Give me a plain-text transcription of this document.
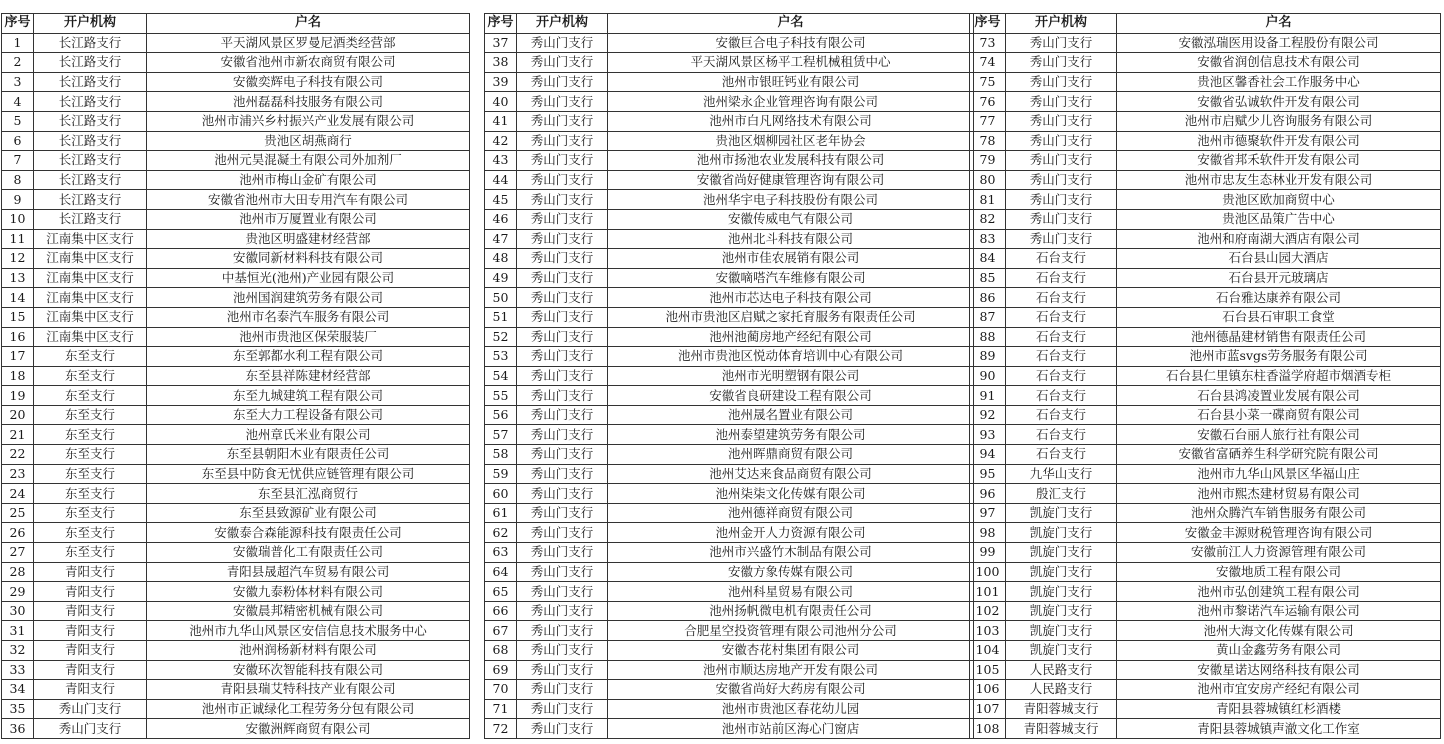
序号	开户机构	户名
1	长江路支行	平天湖风景区罗曼尼酒类经营部
2	长江路支行	安徽省池州市新农商贸有限公司
3	长江路支行	安徽奕辉电子科技有限公司
4	长江路支行	池州磊磊科技服务有限公司
5	长江路支行	池州市浦兴乡村振兴产业发展有限公司
6	长江路支行	贵池区胡燕商行
7	长江路支行	池州元昊混凝土有限公司外加剂厂
8	长江路支行	池州市梅山金矿有限公司
9	长江路支行	安徽省池州市大田专用汽车有限公司
10	长江路支行	池州市万厦置业有限公司
11	江南集中区支行	贵池区明盛建材经营部
12	江南集中区支行	安徽同新材料科技有限公司
13	江南集中区支行	中基恒光(池州)产业园有限公司
14	江南集中区支行	池州国润建筑劳务有限公司
15	江南集中区支行	池州市名泰汽车服务有限公司
16	江南集中区支行	池州市贵池区保荣服装厂
17	东至支行	东至郭都水利工程有限公司
18	东至支行	东至县祥陈建材经营部
19	东至支行	东至九城建筑工程有限公司
20	东至支行	东至大力工程设备有限公司
21	东至支行	池州章氏米业有限公司
22	东至支行	东至县朝阳木业有限责任公司
23	东至支行	东至县中防食无忧供应链管理有限公司
24	东至支行	东至县汇泓商贸行
25	东至支行	东至县致源矿业有限公司
26	东至支行	安徽泰合森能源科技有限责任公司
27	东至支行	安徽瑞普化工有限责任公司
28	青阳支行	青阳县晟超汽车贸易有限公司
29	青阳支行	安徽九泰粉体材料有限公司
30	青阳支行	安徽晨邦精密机械有限公司
31	青阳支行	池州市九华山风景区安信信息技术服务中心
32	青阳支行	池州润杨新材料有限公司
33	青阳支行	安徽环次智能科技有限公司
34	青阳支行	青阳县瑞艾特科技产业有限公司
35	秀山门支行	池州市正诚绿化工程劳务分包有限公司
36	秀山门支行	安徽洲辉商贸有限公司
序号	开户机构	户名
37	秀山门支行	安徽巨合电子科技有限公司
38	秀山门支行	平天湖风景区杨平工程机械租赁中心
39	秀山门支行	池州市银旺钙业有限公司
40	秀山门支行	池州梁永企业管理咨询有限公司
41	秀山门支行	池州市白凡网络技术有限公司
42	秀山门支行	贵池区烟柳园社区老年协会
43	秀山门支行	池州市扬池农业发展科技有限公司
44	秀山门支行	安徽省尚好健康管理咨询有限公司
45	秀山门支行	池州华宇电子科技股份有限公司
46	秀山门支行	安徽传威电气有限公司
47	秀山门支行	池州北斗科技有限公司
48	秀山门支行	池州市佳农展销有限公司
49	秀山门支行	安徽嘀嗒汽车维修有限公司
50	秀山门支行	池州市芯达电子科技有限公司
51	秀山门支行	池州市贵池区启赋之家托育服务有限责任公司
52	秀山门支行	池州池蔺房地产经纪有限公司
53	秀山门支行	池州市贵池区悦动体育培训中心有限公司
54	秀山门支行	池州市光明塑钢有限公司
55	秀山门支行	安徽省良研建设工程有限公司
56	秀山门支行	池州晟名置业有限公司
57	秀山门支行	池州泰望建筑劳务有限公司
58	秀山门支行	池州晖鼎商贸有限公司
59	秀山门支行	池州艾达来食品商贸有限公司
60	秀山门支行	池州柒柒文化传媒有限公司
61	秀山门支行	池州德祥商贸有限公司
62	秀山门支行	池州金开人力资源有限公司
63	秀山门支行	池州市兴盛竹木制品有限公司
64	秀山门支行	安徽方象传媒有限公司
65	秀山门支行	池州科星贸易有限公司
66	秀山门支行	池州扬帆微电机有限责任公司
67	秀山门支行	合肥星空投资管理有限公司池州分公司
68	秀山门支行	安徽杏花村集团有限公司
69	秀山门支行	池州市顺达房地产开发有限公司
70	秀山门支行	安徽省尚好大药房有限公司
71	秀山门支行	池州市贵池区春花幼儿园
72	秀山门支行	池州市站前区海心门窗店
序号	开户机构	户名
73	秀山门支行	安徽泓瑞医用设备工程股份有限公司
74	秀山门支行	安徽省润创信息技术有限公司
75	秀山门支行	贵池区馨香社会工作服务中心
76	秀山门支行	安徽省弘诚软件开发有限公司
77	秀山门支行	池州市启赋少儿咨询服务有限公司
78	秀山门支行	池州市德聚软件开发有限公司
79	秀山门支行	安徽省邦禾软件开发有限公司
80	秀山门支行	池州市忠友生态林业开发有限公司
81	秀山门支行	贵池区欧加商贸中心
82	秀山门支行	贵池区品策广告中心
83	秀山门支行	池州和府南湖大酒店有限公司
84	石台支行	石台县山园大酒店
85	石台支行	石台县开元玻璃店
86	石台支行	石台雅达康养有限公司
87	石台支行	石台县石审职工食堂
88	石台支行	池州德晶建材销售有限责任公司
89	石台支行	池州市蓝svgs劳务服务有限公司
90	石台支行	石台县仁里镇东柱香溢学府超市烟酒专柜
91	石台支行	石台县鸿凌置业发展有限公司
92	石台支行	石台县小菜一碟商贸有限公司
93	石台支行	安徽石台丽人旅行社有限公司
94	石台支行	安徽省富硒养生科学研究院有限公司
95	九华山支行	池州市九华山风景区华福山庄
96	殷汇支行	池州市熙杰建材贸易有限公司
97	凯旋门支行	池州众腾汽车销售服务有限公司
98	凯旋门支行	安徽金丰源财税管理咨询有限公司
99	凯旋门支行	安徽前江人力资源管理有限公司
100	凯旋门支行	安徽地质工程有限公司
101	凯旋门支行	池州市弘创建筑工程有限公司
102	凯旋门支行	池州市黎诺汽车运输有限公司
103	凯旋门支行	池州大海文化传媒有限公司
104	凯旋门支行	黄山金鑫劳务有限公司
105	人民路支行	安徽星诺达网络科技有限公司
106	人民路支行	池州市宜安房产经纪有限公司
107	青阳蓉城支行	青阳县蓉城镇红杉酒楼
108	青阳蓉城支行	青阳县蓉城镇声澈文化工作室
